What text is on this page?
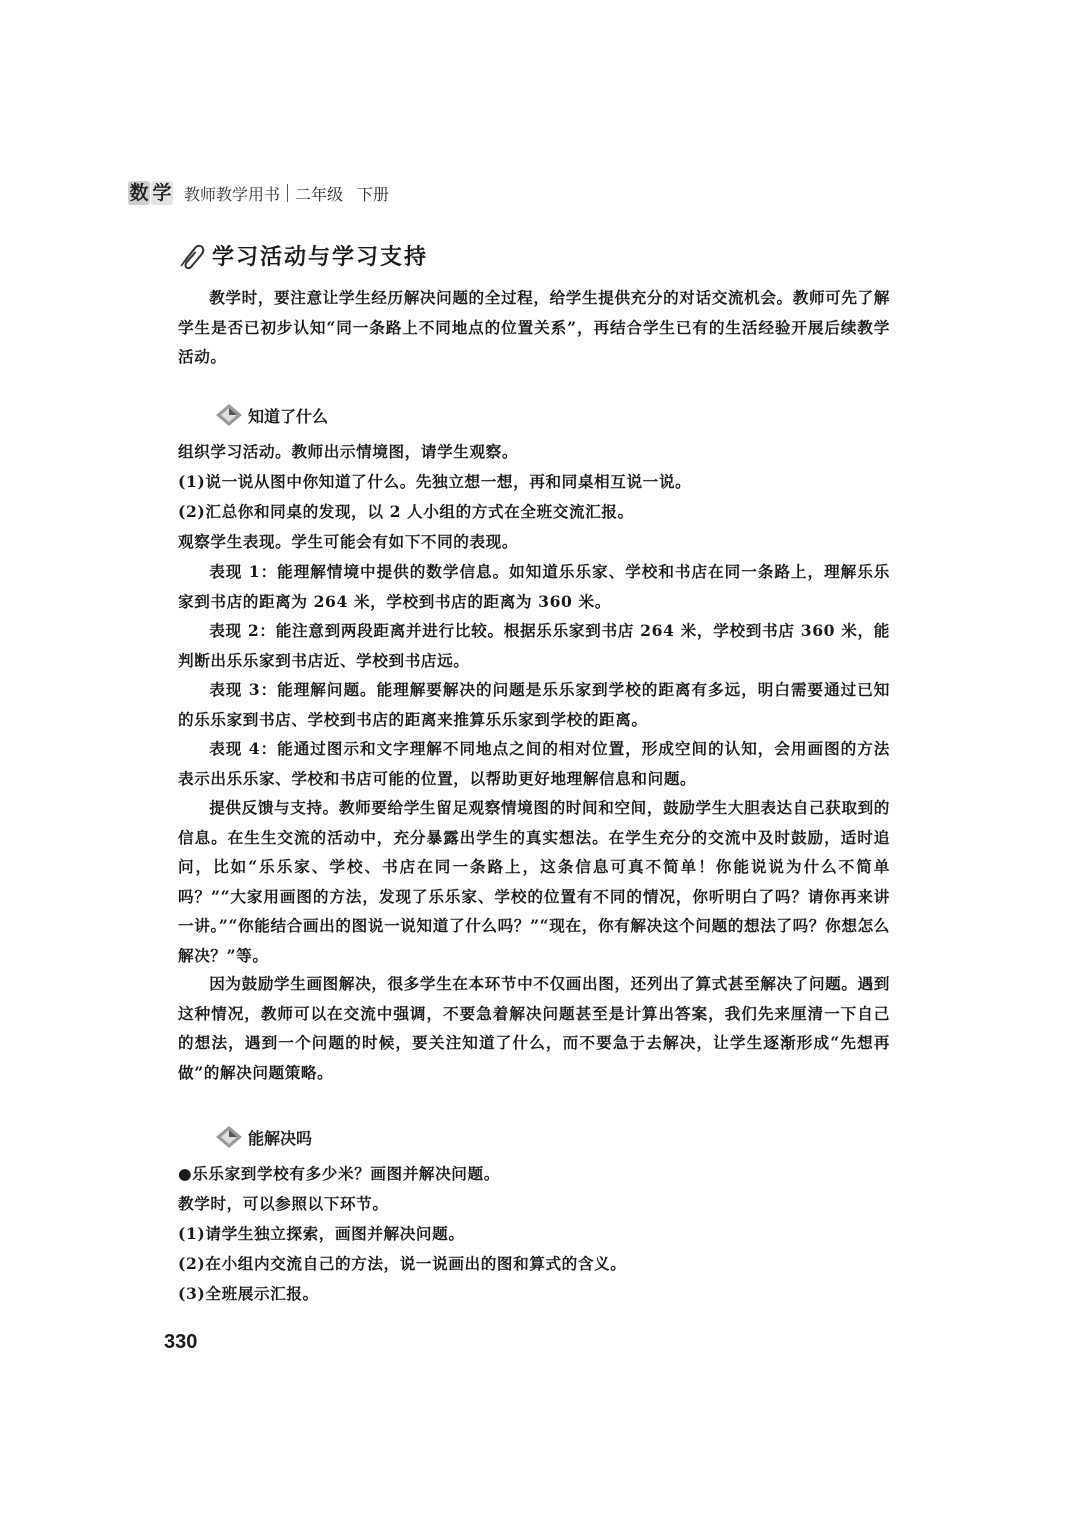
数 学 教师教学用书 二年级 下册
学习活动与学习支持
教学时，要注意让学生经历解决问题的全过程，给学生提供充分的对话交流机会。教师可先了解学生是否已初步认知“同一条路上不同地点的位置关系”，再结合学生已有的生活经验开展后续教学活动。
知道了什么
组织学习活动。教师出示情境图，请学生观察。
(1)说一说从图中你知道了什么。先独立想一想，再和同桌相互说一说。
(2)汇总你和同桌的发现，以 2 人小组的方式在全班交流汇报。
观察学生表现。学生可能会有如下不同的表现。
表现 1：能理解情境中提供的数学信息。如知道乐乐家、学校和书店在同一条路上，理解乐乐家到书店的距离为 264 米，学校到书店的距离为 360 米。
表现 2：能注意到两段距离并进行比较。根据乐乐家到书店 264 米，学校到书店 360 米，能判断出乐乐家到书店近、学校到书店远。
表现 3：能理解问题。能理解要解决的问题是乐乐家到学校的距离有多远，明白需要通过已知的乐乐家到书店、学校到书店的距离来推算乐乐家到学校的距离。
表现 4：能通过图示和文字理解不同地点之间的相对位置，形成空间的认知，会用画图的方法表示出乐乐家、学校和书店可能的位置，以帮助更好地理解信息和问题。
提供反馈与支持。教师要给学生留足观察情境图的时间和空间，鼓励学生大胆表达自己获取到的信息。在生生交流的活动中，充分暴露出学生的真实想法。在学生充分的交流中及时鼓励，适时追问，比如“乐乐家、学校、书店在同一条路上，这条信息可真不简单！你能说说为什么不简单吗？”“大家用画图的方法，发现了乐乐家、学校的位置有不同的情况，你听明白了吗？请你再来讲一讲。”“你能结合画出的图说一说知道了什么吗？”“现在，你有解决这个问题的想法了吗？你想怎么解决？”等。
因为鼓励学生画图解决，很多学生在本环节中不仅画出图，还列出了算式甚至解决了问题。遇到这种情况，教师可以在交流中强调，不要急着解决问题甚至是计算出答案，我们先来厘清一下自己的想法，遇到一个问题的时候，要关注知道了什么，而不要急于去解决，让学生逐渐形成“先想再做”的解决问题策略。
能解决吗
●乐乐家到学校有多少米？画图并解决问题。
教学时，可以参照以下环节。
(1)请学生独立探索，画图并解决问题。
(2)在小组内交流自己的方法，说一说画出的图和算式的含义。
(3)全班展示汇报。
330
